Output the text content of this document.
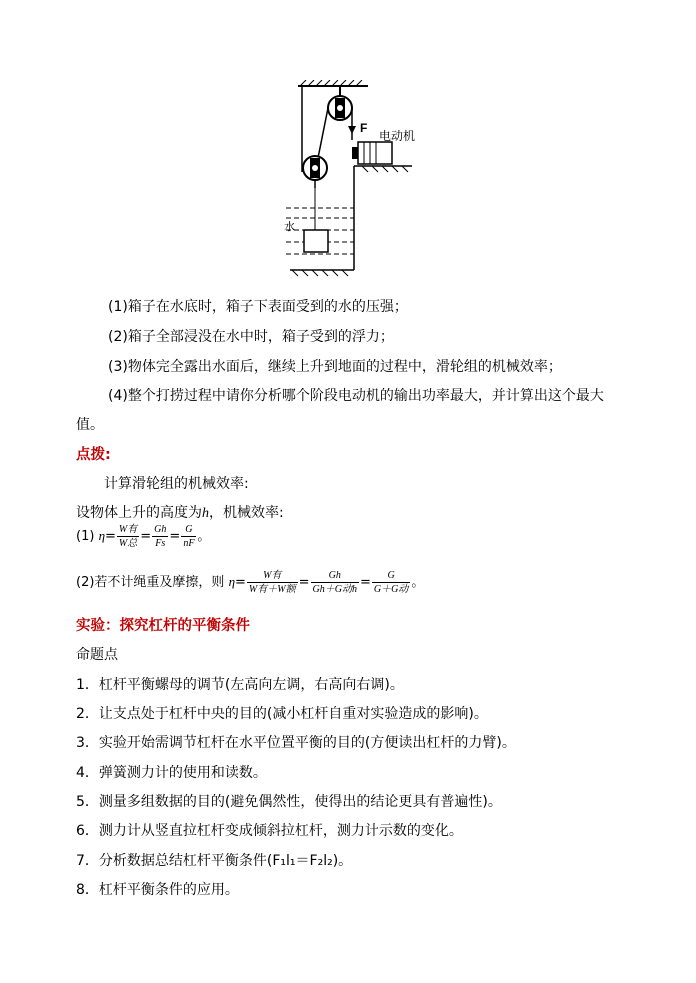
F
水
电动机
(1)箱子在水底时，箱子下表面受到的水的压强；
(2)箱子全部浸没在水中时，箱子受到的浮力；
(3)物体完全露出水面后，继续上升到地面的过程中，滑轮组的机械效率；
(4)整个打捞过程中请你分析哪个阶段电动机的输出功率最大，并计算出这个最大
值。
点拨:
计算滑轮组的机械效率:
设物体上升的高度为h，机械效率:
(1) $\eta= \frac{\text{W有}}{\text{W总}} = \frac{Gh}{Fs} = \frac{G}{nF}$ 。
(2)若不计绳重及摩擦，则 $\eta= \frac{\text{W有}}{\text{W有＋W额}} = \frac{Gh}{\text{Gh＋G动h}} = \frac{G}{\text{G＋G动}}$ 。
实验：探究杠杆的平衡条件
命题点
1．杠杆平衡螺母的调节(左高向左调，右高向右调)。
2．让支点处于杠杆中央的目的(减小杠杆自重对实验造成的影响)。
3．实验开始需调节杠杆在水平位置平衡的目的(方便读出杠杆的力臂)。
4．弹簧测力计的使用和读数。
5．测量多组数据的目的(避免偶然性，使得出的结论更具有普遍性)。
6．测力计从竖直拉杠杆变成倾斜拉杠杆，测力计示数的变化。
7．分析数据总结杠杆平衡条件(F₁l₁＝F₂l₂)。
8．杠杆平衡条件的应用。
